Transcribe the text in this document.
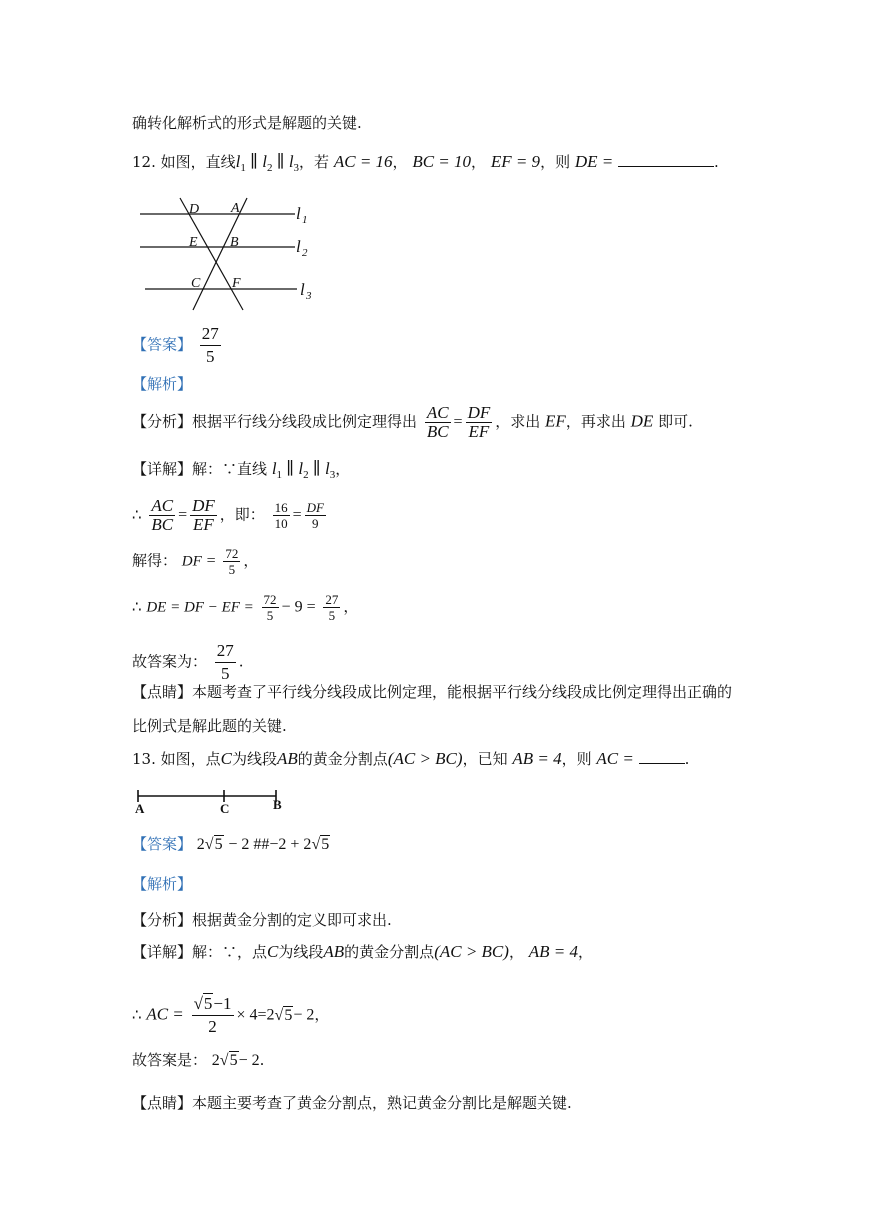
确转化解析式的形式是解题的关键.
12. 如图，直线$l_1$ ∥ $l_2$ ∥ $l_3$，若 AC = 16， BC = 10， EF = 9，则 DE =	.
D A
E B
C F
l 1
l 2
l 3
【答案】 $\frac{27}{5}$
【解析】
【分析】根据平行线分线段成比例定理得出 $\frac{AC}{BC} = \frac{DF}{EF}$ ，求出 EF，再求出 DE 即可.
【详解】解：∵直线 $l_1$ ∥ $l_2$ ∥ $l_3$，
∴ $\frac{AC}{BC} = \frac{DF}{EF}$ ，即： $\frac{16}{10} = \frac{DF}{9}$
解得： DF = $\frac{72}{5}$ ，
∴ DE = DF − EF = $\frac{72}{5} - 9 = \frac{27}{5}$ ，
故答案为： $\frac{27}{5}$ .
【点睛】本题考查了平行线分线段成比例定理，能根据平行线分线段成比例定理得出正确的
比例式是解此题的关键.
13. 如图，点C为线段AB的黄金分割点(AC > BC)，已知 AB = 4，则 AC =	.
A	C	B
【答案】 2√5 − 2 ##−2 + 2√5
【解析】
【分析】根据黄金分割的定义即可求出.
【详解】解：∵，点C为线段AB的黄金分割点(AC > BC)， AB = 4，
∴ AC = $\frac{√5-1}{2} \times 4=2√5- 2$，
故答案是： 2√5− 2.
【点睛】本题主要考查了黄金分割点，熟记黄金分割比是解题关键.
